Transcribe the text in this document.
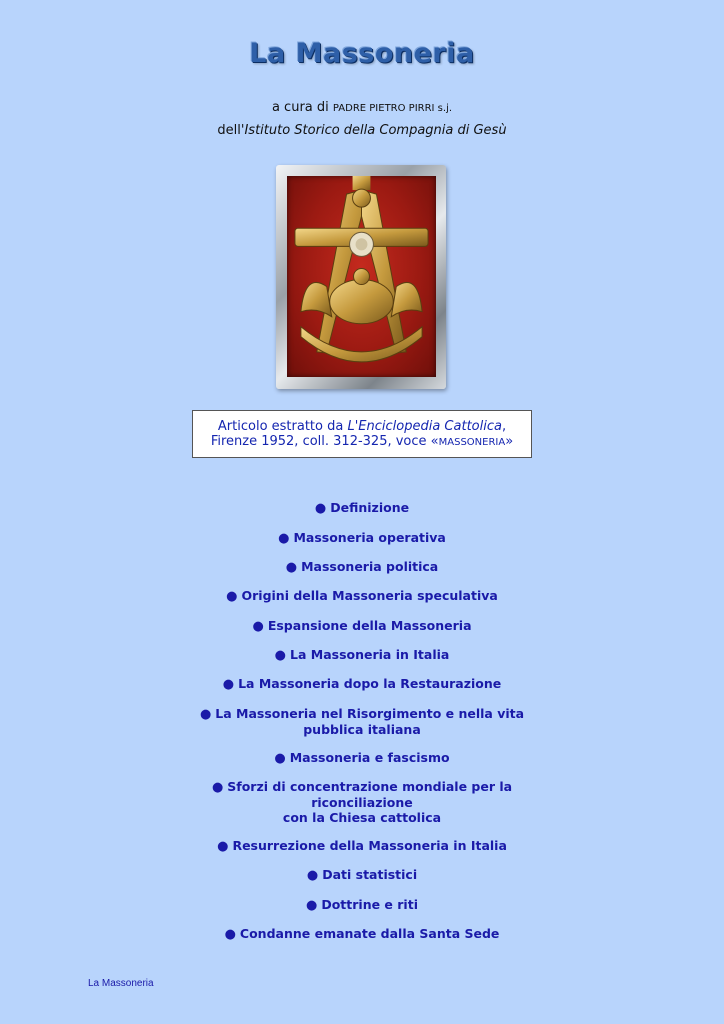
La Massoneria
a cura di PADRE PIETRO PIRRI s.j.
dell'Istituto Storico della Compagnia di Gesù
Articolo estratto da L'Enciclopedia Cattolica,
Firenze 1952, coll. 312-325, voce «MASSONERIA»
● Definizione
● Massoneria operativa
● Massoneria politica
● Origini della Massoneria speculativa
● Espansione della Massoneria
● La Massoneria in Italia
● La Massoneria dopo la Restaurazione
● La Massoneria nel Risorgimento e nella vita
pubblica italiana
● Massoneria e fascismo
● Sforzi di concentrazione mondiale per la
riconciliazione
con la Chiesa cattolica
● Resurrezione della Massoneria in Italia
● Dati statistici
● Dottrine e riti
● Condanne emanate dalla Santa Sede
La Massoneria
